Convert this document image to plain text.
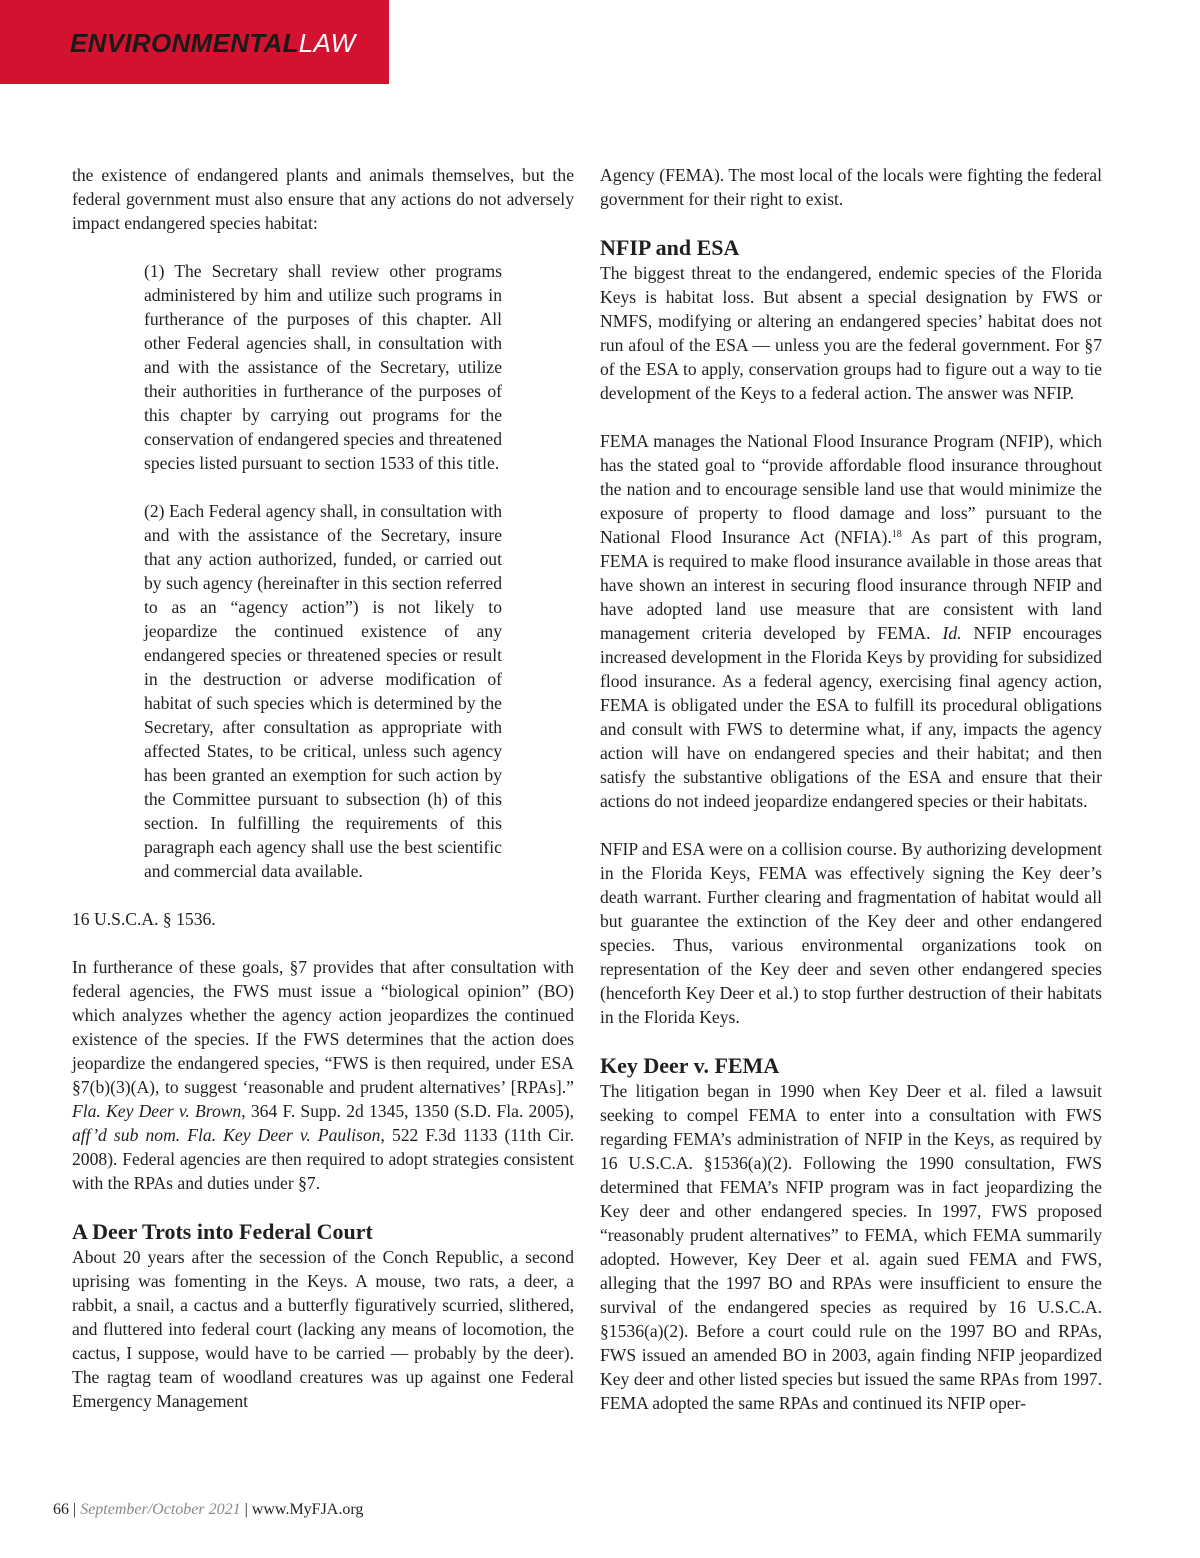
ENVIRONMENTALLAW

the existence of endangered plants and animals themselves, but the federal government must also ensure that any actions do not adversely impact endangered species habitat:

(1) The Secretary shall review other programs administered by him and utilize such programs in furtherance of the purposes of this chapter. All other Federal agencies shall, in consultation with and with the assistance of the Secretary, utilize their authorities in furtherance of the purposes of this chapter by carrying out programs for the conservation of endangered species and threatened species listed pursuant to section 1533 of this title.

(2) Each Federal agency shall, in consultation with and with the assistance of the Secretary, insure that any action authorized, funded, or carried out by such agency (hereinafter in this section referred to as an “agency action”) is not likely to jeopardize the continued existence of any endangered species or threatened species or result in the destruction or adverse modification of habitat of such species which is determined by the Secretary, after consultation as appropriate with affected States, to be critical, unless such agency has been granted an exemption for such action by the Committee pursuant to subsection (h) of this section. In fulfilling the requirements of this paragraph each agency shall use the best scientific and commercial data available.

16 U.S.C.A. § 1536.

In furtherance of these goals, §7 provides that after consultation with federal agencies, the FWS must issue a “biological opinion” (BO) which analyzes whether the agency action jeopardizes the continued existence of the species. If the FWS determines that the action does jeopardize the endangered species, “FWS is then required, under ESA §7(b)(3)(A), to suggest ‘reasonable and prudent alternatives’ [RPAs].” Fla. Key Deer v. Brown, 364 F. Supp. 2d 1345, 1350 (S.D. Fla. 2005), aff’d sub nom. Fla. Key Deer v. Paulison, 522 F.3d 1133 (11th Cir. 2008). Federal agencies are then required to adopt strategies consistent with the RPAs and duties under §7.

A Deer Trots into Federal Court

About 20 years after the secession of the Conch Republic, a second uprising was fomenting in the Keys. A mouse, two rats, a deer, a rabbit, a snail, a cactus and a butterfly figuratively scurried, slithered, and fluttered into federal court (lacking any means of locomotion, the cactus, I suppose, would have to be carried — probably by the deer). The ragtag team of woodland creatures was up against one Federal Emergency Management

Agency (FEMA). The most local of the locals were fighting the federal government for their right to exist.

NFIP and ESA

The biggest threat to the endangered, endemic species of the Florida Keys is habitat loss. But absent a special designation by FWS or NMFS, modifying or altering an endangered species’ habitat does not run afoul of the ESA — unless you are the federal government. For §7 of the ESA to apply, conservation groups had to figure out a way to tie development of the Keys to a federal action. The answer was NFIP.

FEMA manages the National Flood Insurance Program (NFIP), which has the stated goal to “provide affordable flood insurance throughout the nation and to encourage sensible land use that would minimize the exposure of property to flood damage and loss” pursuant to the National Flood Insurance Act (NFIA).$^{18}$ As part of this program, FEMA is required to make flood insurance available in those areas that have shown an interest in securing flood insurance through NFIP and have adopted land use measure that are consistent with land management criteria developed by FEMA. Id. NFIP encourages increased development in the Florida Keys by providing for subsidized flood insurance. As a federal agency, exercising final agency action, FEMA is obligated under the ESA to fulfill its procedural obligations and consult with FWS to determine what, if any, impacts the agency action will have on endangered species and their habitat; and then satisfy the substantive obligations of the ESA and ensure that their actions do not indeed jeopardize endangered species or their habitats.

NFIP and ESA were on a collision course. By authorizing development in the Florida Keys, FEMA was effectively signing the Key deer’s death warrant. Further clearing and fragmentation of habitat would all but guarantee the extinction of the Key deer and other endangered species. Thus, various environmental organizations took on representation of the Key deer and seven other endangered species (henceforth Key Deer et al.) to stop further destruction of their habitats in the Florida Keys.

Key Deer v. FEMA

The litigation began in 1990 when Key Deer et al. filed a lawsuit seeking to compel FEMA to enter into a consultation with FWS regarding FEMA’s administration of NFIP in the Keys, as required by 16 U.S.C.A. §1536(a)(2). Following the 1990 consultation, FWS determined that FEMA’s NFIP program was in fact jeopardizing the Key deer and other endangered species. In 1997, FWS proposed “reasonably prudent alternatives” to FEMA, which FEMA summarily adopted. However, Key Deer et al. again sued FEMA and FWS, alleging that the 1997 BO and RPAs were insufficient to ensure the survival of the endangered species as required by 16 U.S.C.A. §1536(a)(2). Before a court could rule on the 1997 BO and RPAs, FWS issued an amended BO in 2003, again finding NFIP jeopardized Key deer and other listed species but issued the same RPAs from 1997. FEMA adopted the same RPAs and continued its NFIP oper-

66 | September/October 2021 | www.MyFJA.org
